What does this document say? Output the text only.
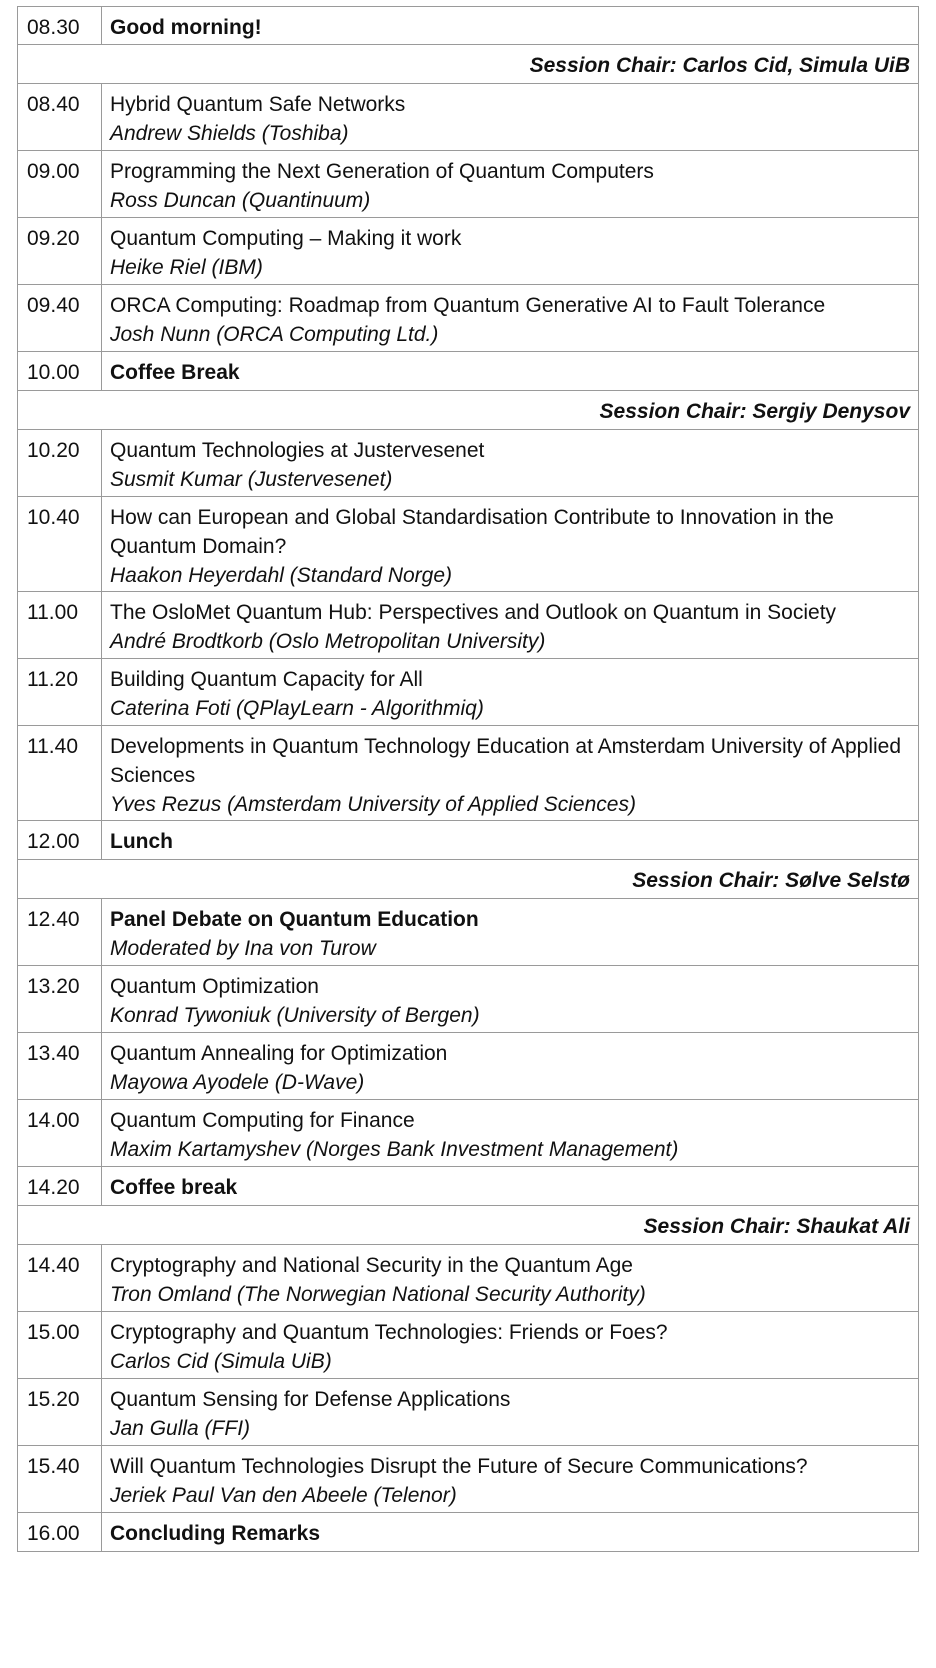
08.30	Good morning!
Session Chair: Carlos Cid, Simula UiB
08.40	Hybrid Quantum Safe Networks
Andrew Shields (Toshiba)
09.00	Programming the Next Generation of Quantum Computers
Ross Duncan (Quantinuum)
09.20	Quantum Computing – Making it work
Heike Riel (IBM)
09.40	ORCA Computing: Roadmap from Quantum Generative AI to Fault Tolerance
Josh Nunn (ORCA Computing Ltd.)
10.00	Coffee Break
Session Chair: Sergiy Denysov
10.20	Quantum Technologies at Justervesenet
Susmit Kumar (Justervesenet)
10.40	How can European and Global Standardisation Contribute to Innovation in the Quantum Domain?
Haakon Heyerdahl (Standard Norge)
11.00	The OsloMet Quantum Hub: Perspectives and Outlook on Quantum in Society
André Brodtkorb (Oslo Metropolitan University)
11.20	Building Quantum Capacity for All
Caterina Foti (QPlayLearn - Algorithmiq)
11.40	Developments in Quantum Technology Education at Amsterdam University of Applied Sciences
Yves Rezus (Amsterdam University of Applied Sciences)
12.00	Lunch
Session Chair: Sølve Selstø
12.40	Panel Debate on Quantum Education
Moderated by Ina von Turow
13.20	Quantum Optimization
Konrad Tywoniuk (University of Bergen)
13.40	Quantum Annealing for Optimization
Mayowa Ayodele (D-Wave)
14.00	Quantum Computing for Finance
Maxim Kartamyshev (Norges Bank Investment Management)
14.20	Coffee break
Session Chair: Shaukat Ali
14.40	Cryptography and National Security in the Quantum Age
Tron Omland (The Norwegian National Security Authority)
15.00	Cryptography and Quantum Technologies: Friends or Foes?
Carlos Cid (Simula UiB)
15.20	Quantum Sensing for Defense Applications
Jan Gulla (FFI)
15.40	Will Quantum Technologies Disrupt the Future of Secure Communications?
Jeriek Paul Van den Abeele (Telenor)
16.00	Concluding Remarks
